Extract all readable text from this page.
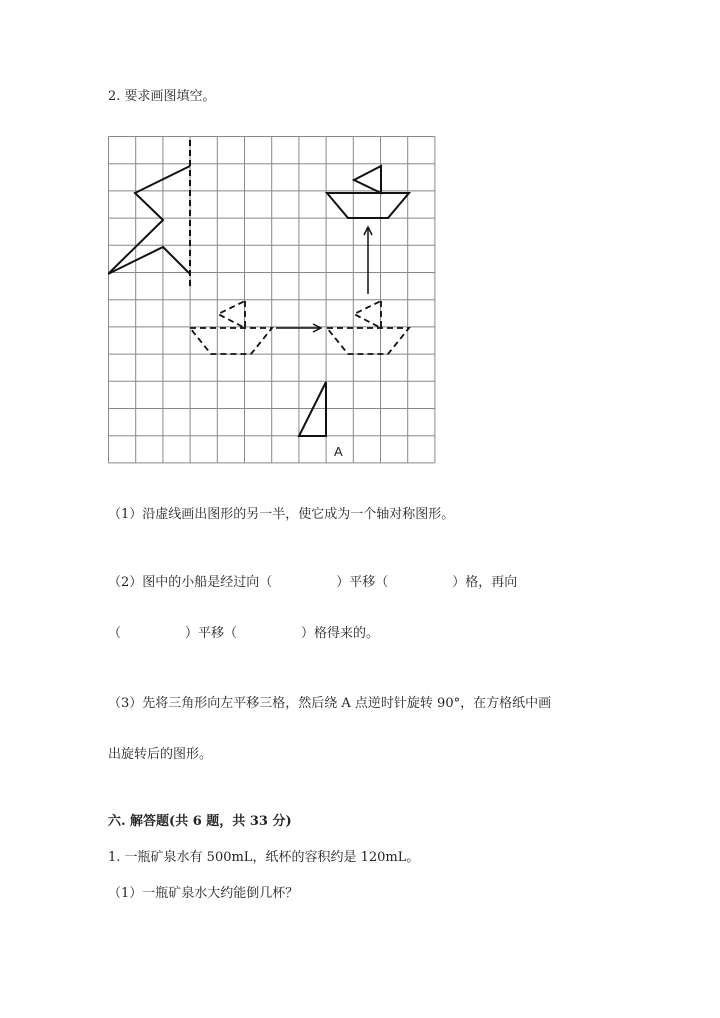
2. 要求画图填空。
A
（1）沿虚线画出图形的另一半，使它成为一个轴对称图形。
（2）图中的小船是经过向（	）平移（	）格，再向
（	）平移（	）格得来的。
（3）先将三角形向左平移三格，然后绕 A 点逆时针旋转 90°，在方格纸中画
出旋转后的图形。
六. 解答题(共 6 题，共 33 分)
1. 一瓶矿泉水有 500mL，纸杯的容积约是 120mL。
（1）一瓶矿泉水大约能倒几杯？
